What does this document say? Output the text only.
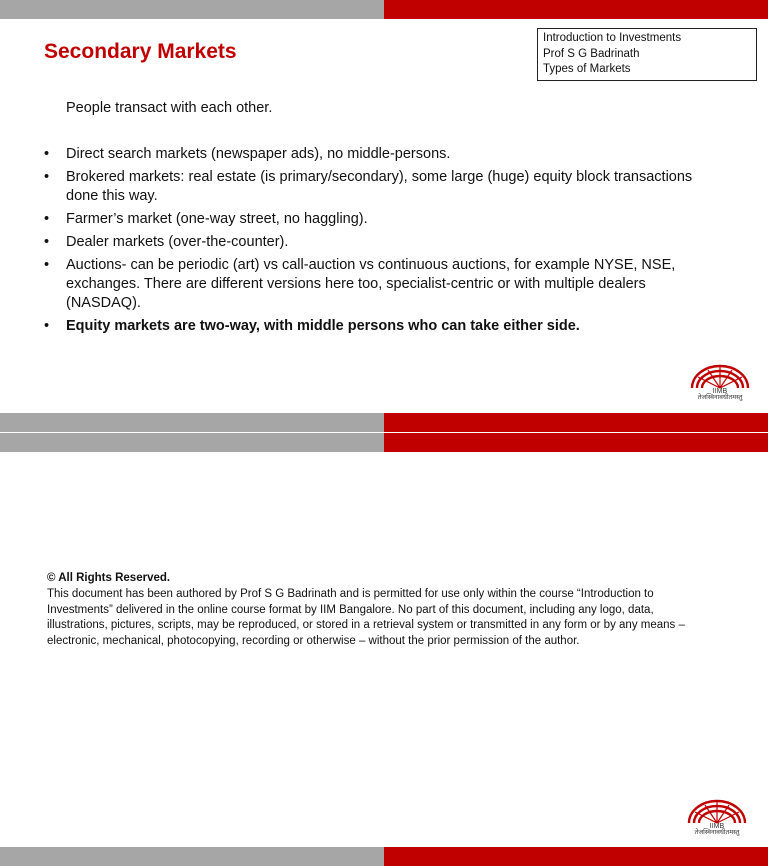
Secondary Markets
Introduction to Investments
Prof S G Badrinath
Types of Markets
People transact with each other.
• Direct search markets (newspaper ads), no middle-persons.
• Brokered markets: real estate (is primary/secondary), some large (huge) equity block transactions done this way.
• Farmer’s market (one-way street, no haggling).
• Dealer markets (over-the-counter).
• Auctions- can be periodic (art) vs call-auction vs continuous auctions, for example NYSE, NSE, exchanges. There are different versions here too, specialist-centric or with multiple dealers (NASDAQ).
• Equity markets are two-way, with middle persons who can take either side.
IIMB
तेजस्विनावधीतमस्तु
© All Rights Reserved.
This document has been authored by Prof S G Badrinath and is permitted for use only within the course “Introduction to Investments” delivered in the online course format by IIM Bangalore. No part of this document, including any logo, data, illustrations, pictures, scripts, may be reproduced, or stored in a retrieval system or transmitted in any form or by any means – electronic, mechanical, photocopying, recording or otherwise – without the prior permission of the author.
IIMB
तेजस्विनावधीतमस्तु
